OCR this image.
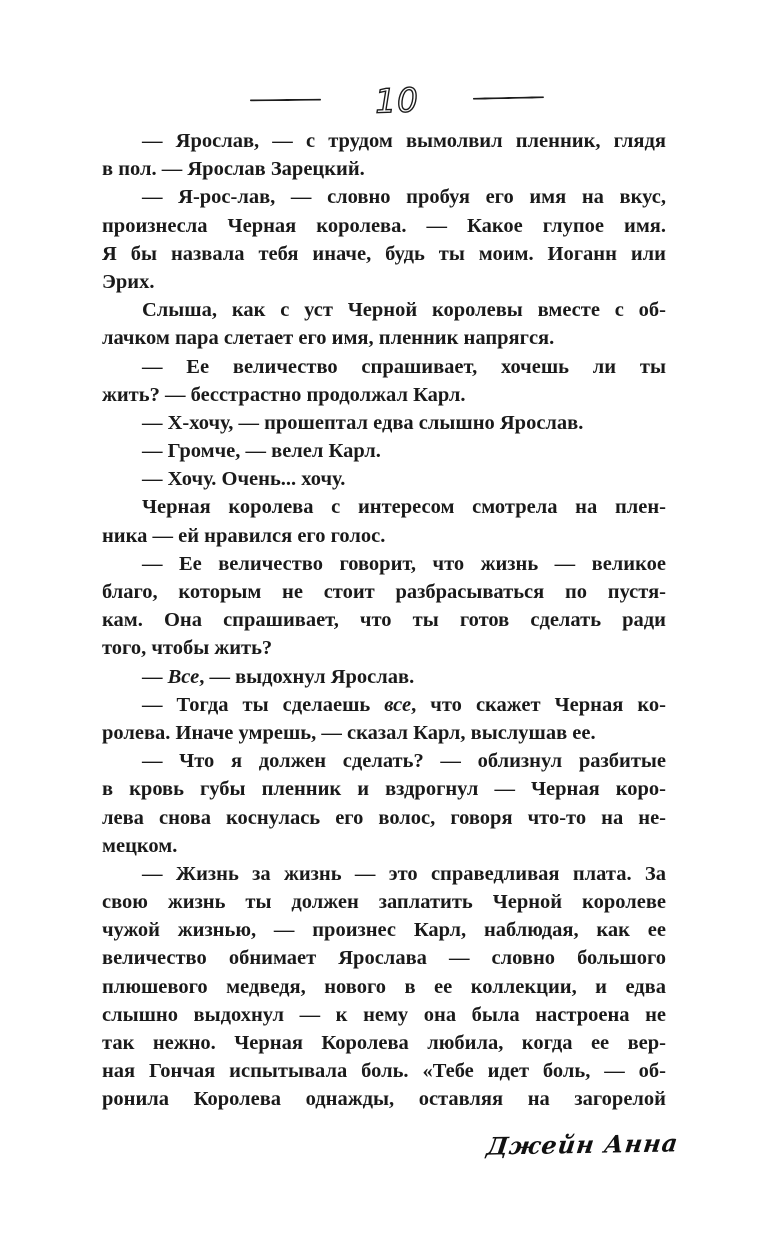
10
— Ярослав, — с трудом вымолвил пленник, глядя
в пол. — Ярослав Зарецкий.
— Я-рос-лав, — словно пробуя его имя на вкус,
произнесла Черная королева. — Какое глупое имя.
Я бы назвала тебя иначе, будь ты моим. Иоганн или
Эрих.
Слыша, как с уст Черной королевы вместе с об-
лачком пара слетает его имя, пленник напрягся.
— Ее величество спрашивает, хочешь ли ты
жить? — бесстрастно продолжал Карл.
— Х-хочу, — прошептал едва слышно Ярослав.
— Громче, — велел Карл.
— Хочу. Очень... хочу.
Черная королева с интересом смотрела на плен-
ника — ей нравился его голос.
— Ее величество говорит, что жизнь — великое
благо, которым не стоит разбрасываться по пустя-
кам. Она спрашивает, что ты готов сделать ради
того, чтобы жить?
— Все, — выдохнул Ярослав.
— Тогда ты сделаешь все, что скажет Черная ко-
ролева. Иначе умрешь, — сказал Карл, выслушав ее.
— Что я должен сделать? — облизнул разбитые
в кровь губы пленник и вздрогнул — Черная коро-
лева снова коснулась его волос, говоря что-то на не-
мецком.
— Жизнь за жизнь — это справедливая плата. За
свою жизнь ты должен заплатить Черной королеве
чужой жизнью, — произнес Карл, наблюдая, как ее
величество обнимает Ярослава — словно большого
плюшевого медведя, нового в ее коллекции, и едва
слышно выдохнул — к нему она была настроена не
так нежно. Черная Королева любила, когда ее вер-
ная Гончая испытывала боль. «Тебе идет боль, — об-
ронила Королева однажды, оставляя на загорелой
Джейн Анна
